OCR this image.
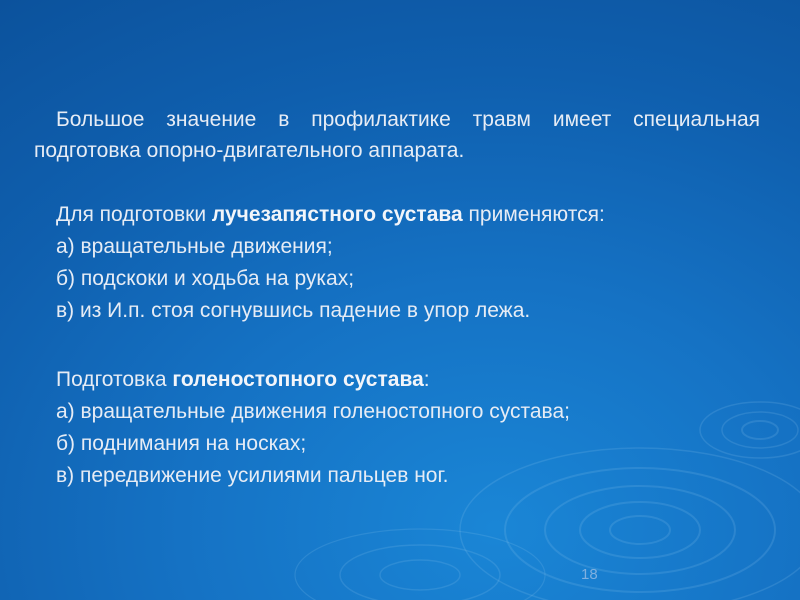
Большое значение в профилактике травм имеет специальная подготовка опорно-двигательного аппарата.
Для подготовки лучезапястного сустава применяются:
а) вращательные движения;
б) подскоки и ходьба на руках;
в) из И.п. стоя согнувшись падение в упор лежа.
Подготовка голеностопного сустава:
а) вращательные движения голеностопного сустава;
б) поднимания на носках;
в) передвижение усилиями пальцев ног.
18
